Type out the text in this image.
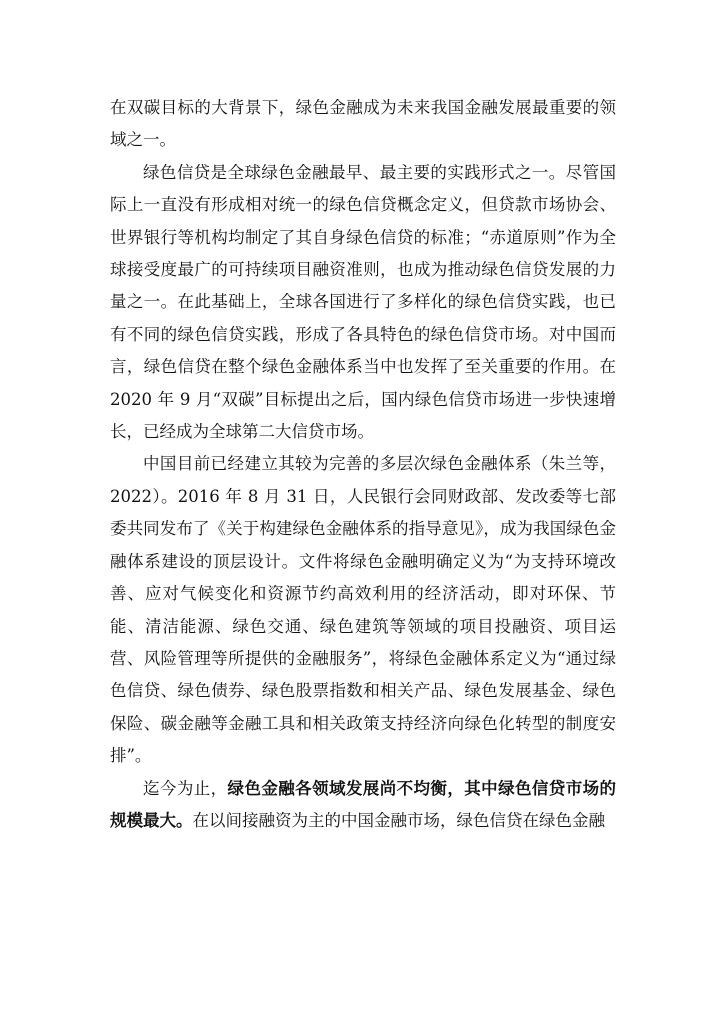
在双碳目标的大背景下，绿色金融成为未来我国金融发展最重要的领域之一。

绿色信贷是全球绿色金融最早、最主要的实践形式之一。尽管国际上一直没有形成相对统一的绿色信贷概念定义，但贷款市场协会、世界银行等机构均制定了其自身绿色信贷的标准；“赤道原则”作为全球接受度最广的可持续项目融资准则，也成为推动绿色信贷发展的力量之一。在此基础上，全球各国进行了多样化的绿色信贷实践，也已有不同的绿色信贷实践，形成了各具特色的绿色信贷市场。对中国而言，绿色信贷在整个绿色金融体系当中也发挥了至关重要的作用。在 2020 年 9 月“双碳”目标提出之后，国内绿色信贷市场进一步快速增长，已经成为全球第二大信贷市场。

中国目前已经建立其较为完善的多层次绿色金融体系（朱兰等，2022）。2016 年 8 月 31 日，人民银行会同财政部、发改委等七部委共同发布了《关于构建绿色金融体系的指导意见》，成为我国绿色金融体系建设的顶层设计。文件将绿色金融明确定义为“为支持环境改善、应对气候变化和资源节约高效利用的经济活动，即对环保、节能、清洁能源、绿色交通、绿色建筑等领域的项目投融资、项目运营、风险管理等所提供的金融服务”，将绿色金融体系定义为“通过绿色信贷、绿色债券、绿色股票指数和相关产品、绿色发展基金、绿色保险、碳金融等金融工具和相关政策支持经济向绿色化转型的制度安排”。

迄今为止，绿色金融各领域发展尚不均衡，其中绿色信贷市场的规模最大。在以间接融资为主的中国金融市场，绿色信贷在绿色金融
